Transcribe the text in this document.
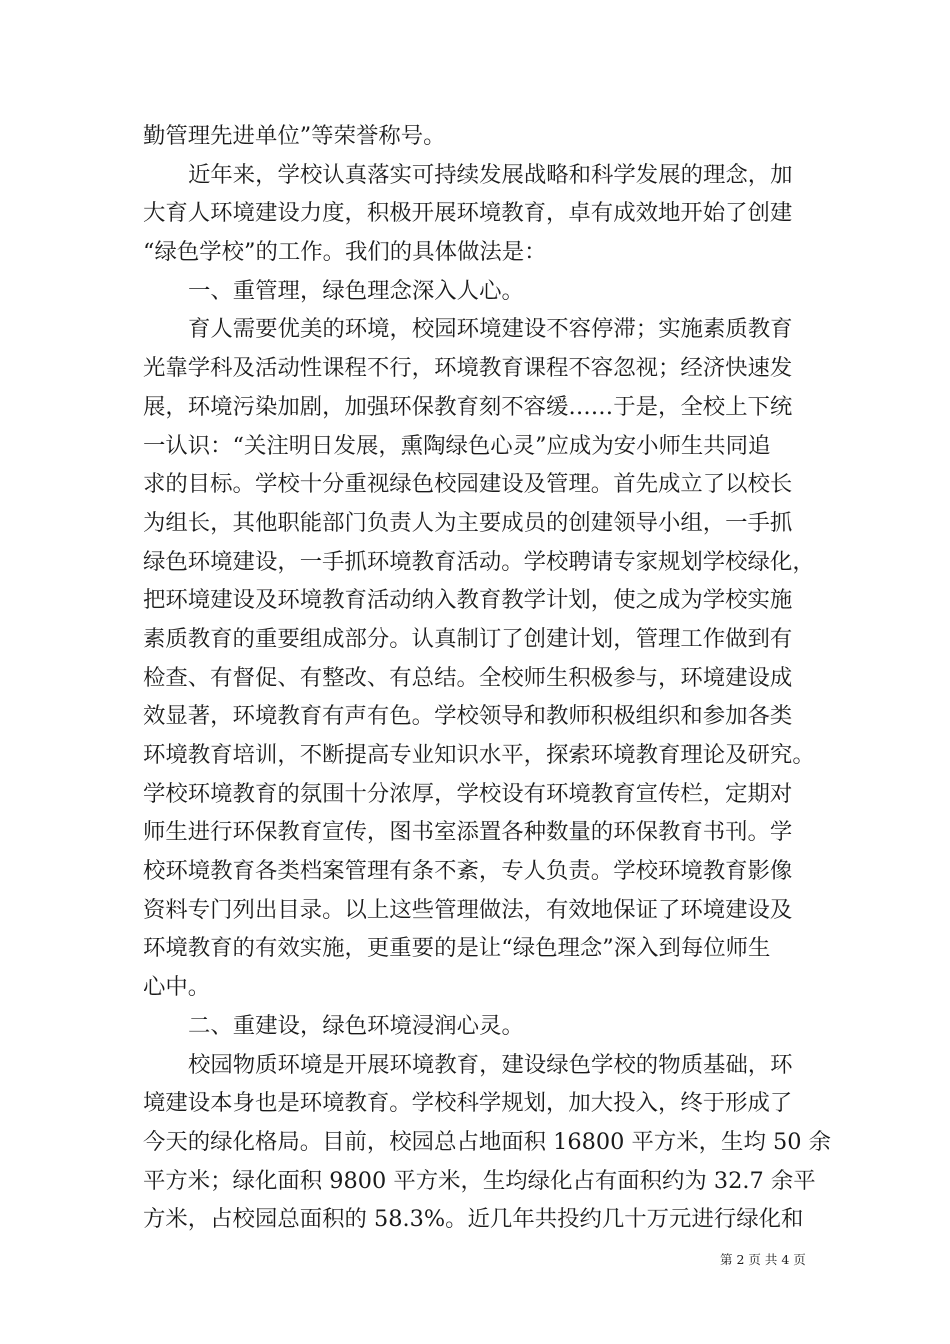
勤管理先进单位”等荣誉称号。
近年来，学校认真落实可持续发展战略和科学发展的理念，加
大育人环境建设力度，积极开展环境教育，卓有成效地开始了创建
“绿色学校”的工作。我们的具体做法是：
一、重管理，绿色理念深入人心。
育人需要优美的环境，校园环境建设不容停滞；实施素质教育
光靠学科及活动性课程不行，环境教育课程不容忽视；经济快速发
展，环境污染加剧，加强环保教育刻不容缓……于是，全校上下统
一认识：“关注明日发展，熏陶绿色心灵”应成为安小师生共同追
求的目标。学校十分重视绿色校园建设及管理。首先成立了以校长
为组长，其他职能部门负责人为主要成员的创建领导小组，一手抓
绿色环境建设，一手抓环境教育活动。学校聘请专家规划学校绿化，
把环境建设及环境教育活动纳入教育教学计划，使之成为学校实施
素质教育的重要组成部分。认真制订了创建计划，管理工作做到有
检查、有督促、有整改、有总结。全校师生积极参与，环境建设成
效显著，环境教育有声有色。学校领导和教师积极组织和参加各类
环境教育培训，不断提高专业知识水平，探索环境教育理论及研究。
学校环境教育的氛围十分浓厚，学校设有环境教育宣传栏，定期对
师生进行环保教育宣传，图书室添置各种数量的环保教育书刊。学
校环境教育各类档案管理有条不紊，专人负责。学校环境教育影像
资料专门列出目录。以上这些管理做法，有效地保证了环境建设及
环境教育的有效实施，更重要的是让“绿色理念”深入到每位师生
心中。
二、重建设，绿色环境浸润心灵。
校园物质环境是开展环境教育，建设绿色学校的物质基础，环
境建设本身也是环境教育。学校科学规划，加大投入，终于形成了
今天的绿化格局。目前，校园总占地面积 16800 平方米，生均 50 余
平方米；绿化面积 9800 平方米，生均绿化占有面积约为 32.7 余平
方米，占校园总面积的 58.3%。近几年共投约几十万元进行绿化和
第 2 页 共 4 页
